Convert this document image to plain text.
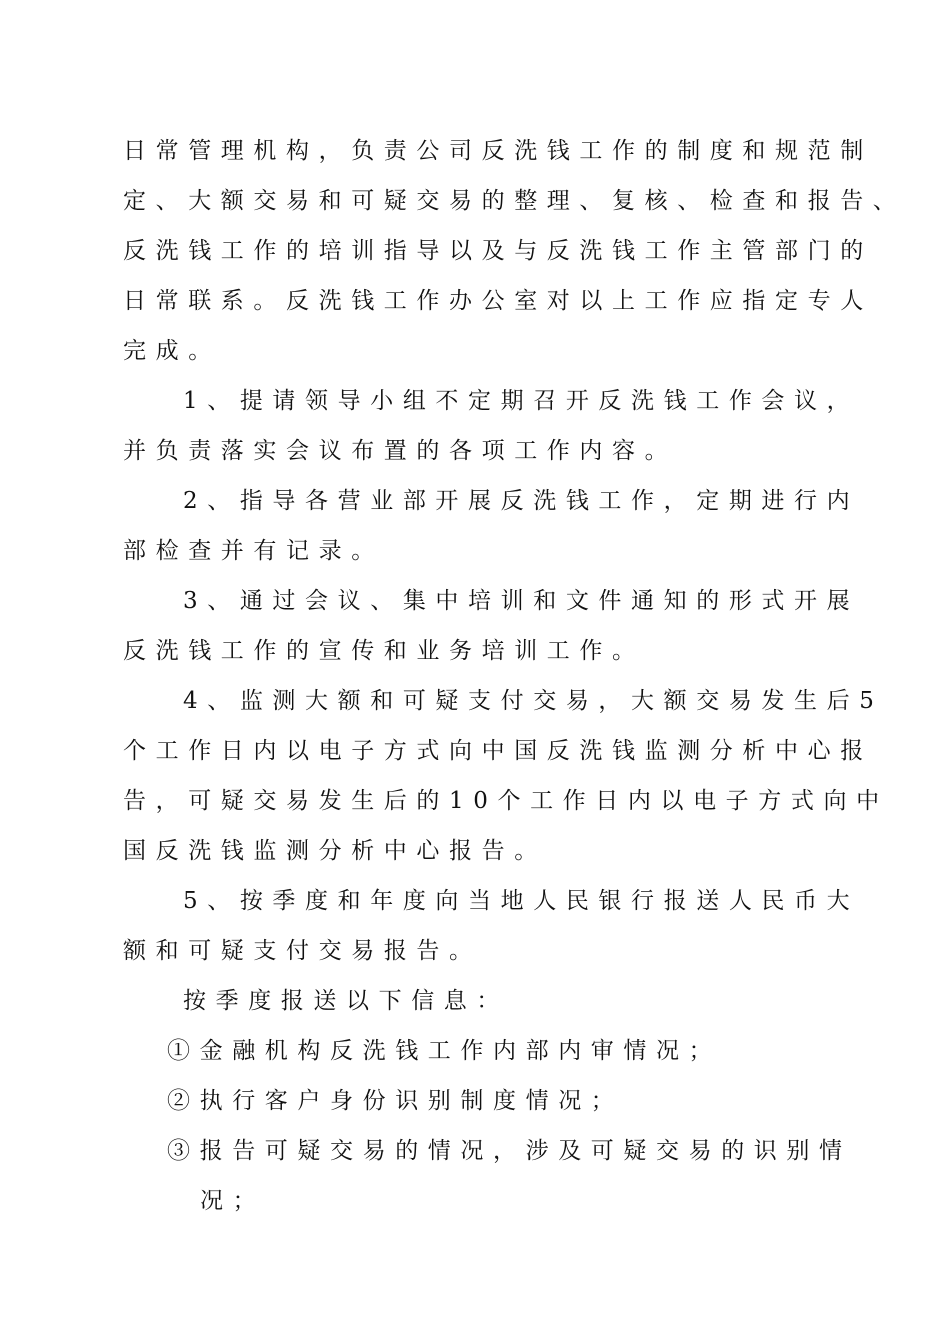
日常管理机构，负责公司反洗钱工作的制度和规范制
定、大额交易和可疑交易的整理、复核、检查和报告、
反洗钱工作的培训指导以及与反洗钱工作主管部门的
日常联系。反洗钱工作办公室对以上工作应指定专人
完成。
1、提请领导小组不定期召开反洗钱工作会议，
并负责落实会议布置的各项工作内容。
2、指导各营业部开展反洗钱工作，定期进行内
部检查并有记录。
3、通过会议、集中培训和文件通知的形式开展
反洗钱工作的宣传和业务培训工作。
4、监测大额和可疑支付交易，大额交易发生后5
个工作日内以电子方式向中国反洗钱监测分析中心报
告，可疑交易发生后的10个工作日内以电子方式向中
国反洗钱监测分析中心报告。
5、按季度和年度向当地人民银行报送人民币大
额和可疑支付交易报告。
按季度报送以下信息：
①金融机构反洗钱工作内部内审情况；
②执行客户身份识别制度情况；
③报告可疑交易的情况，涉及可疑交易的识别情
况；
